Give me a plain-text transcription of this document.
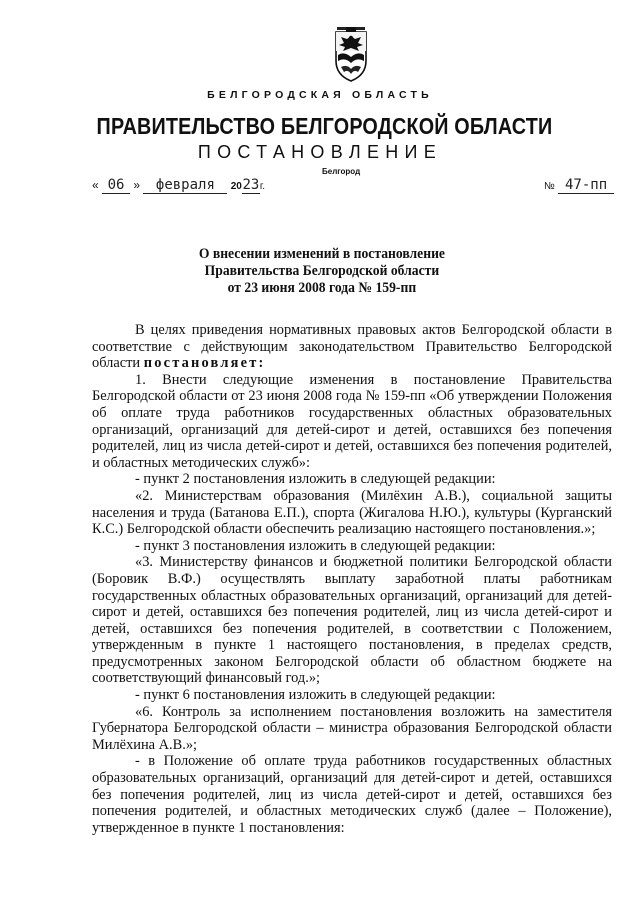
БЕЛГОРОДСКАЯ ОБЛАСТЬ
ПРАВИТЕЛЬСТВО БЕЛГОРОДСКОЙ ОБЛАСТИ
ПОСТАНОВЛЕНИЕ
Белгород
« 06 » февраля 2023г.	№ 47-пп
О внесении изменений в постановление
Правительства Белгородской области
от 23 июня 2008 года № 159-пп

В целях приведения нормативных правовых актов Белгородской области в соответствие с действующим законодательством Правительство Белгородской области постановляет:

1. Внести следующие изменения в постановление Правительства Белгородской области от 23 июня 2008 года № 159-пп «Об утверждении Положения об оплате труда работников государственных областных образовательных организаций, организаций для детей-сирот и детей, оставшихся без попечения родителей, лиц из числа детей-сирот и детей, оставшихся без попечения родителей, и областных методических служб»:

- пункт 2 постановления изложить в следующей редакции:

«2. Министерствам образования (Милёхин А.В.), социальной защиты населения и труда (Батанова Е.П.), спорта (Жигалова Н.Ю.), культуры (Курганский К.С.) Белгородской области обеспечить реализацию настоящего постановления.»;

- пункт 3 постановления изложить в следующей редакции:

«3. Министерству финансов и бюджетной политики Белгородской области (Боровик В.Ф.) осуществлять выплату заработной платы работникам государственных областных образовательных организаций, организаций для детей-сирот и детей, оставшихся без попечения родителей, лиц из числа детей-сирот и детей, оставшихся без попечения родителей, в соответствии с Положением, утвержденным в пункте 1 настоящего постановления, в пределах средств, предусмотренных законом Белгородской области об областном бюджете на соответствующий финансовый год.»;

- пункт 6 постановления изложить в следующей редакции:

«6. Контроль за исполнением постановления возложить на заместителя Губернатора Белгородской области – министра образования Белгородской области Милёхина А.В.»;

- в Положение об оплате труда работников государственных областных образовательных организаций, организаций для детей-сирот и детей, оставшихся без попечения родителей, лиц из числа детей-сирот и детей, оставшихся без попечения родителей, и областных методических служб (далее – Положение), утвержденное в пункте 1 постановления:
